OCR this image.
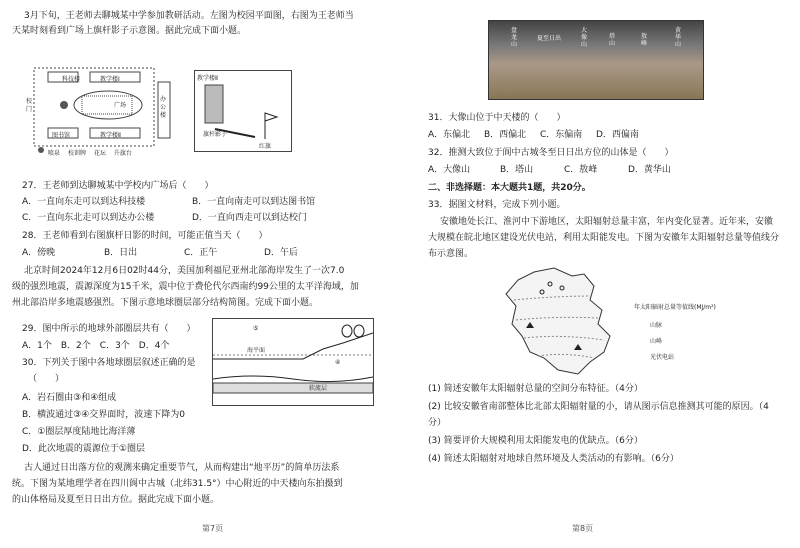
3月下旬，王老师去聊城某中学参加教研活动。左图为校园平面图，右图为王老师当
天某时刻看到广场上旗杆影子示意图。据此完成下面小题。
科技楼	教学楼Ⅰ
广场
图书馆	教学楼Ⅱ
办公楼
校门
喷泉 校训牌 花坛 升旗台
教学楼Ⅱ
旗杆影子
红旗
27．王老师到达聊城某中学校内广场后（　　）
A．一直向东走可以到达科技楼	B．一直向南走可以到达图书馆
C．一直向东北走可以到达办公楼	D．一直向西走可以到达校门
28．王老师看到右图旗杆日影的时间，可能正值当天（　　）
A．傍晚	B．日出	C．正午	D．午后
北京时间2024年12月6日02时44分，美国加利福尼亚州北部海岸发生了一次7.0
级的强烈地震，震源深度为15千米，震中位于费伦代尔西南约99公里的太平洋海域，加
州北部沿岸多地震感强烈。下图示意地球圈层部分结构简图。完成下面小题。
29．图中所示的地球外部圈层共有（　　）
A．1个　B．2个　C．3个　D．4个
30．下列关于图中各地球圈层叙述正确的是
（　　）
A．岩石圈由③和④组成
B．横波通过③④交界面时，波速下降为0
C．①圈层厚度陆地比海洋薄
D．此次地震的震源位于①圈层
⑤
海平面
④
软流层
古人通过日出落方位的观测来确定重要节气，从而构建出“地平历”的简单历法系
统。下图为某地理学者在四川阆中古城（北纬31.5°）中心附近的中天楼向东拍摄到
的山体格局及夏至日日出方位。据此完成下面小题。
第7页
盘龙山
夏至日出
大像山
塔山
敖峰
黄华山
31．大像山位于中天楼的（　　）
A．东偏北 B．西偏北 C．东偏南 D．西偏南
32．推测大致位于阆中古城冬至日日出方位的山体是（　　）
A．大像山	B．塔山	C．敖峰	D．黄华山
二、非选择题：本大题共1题，共20分。
33．据图文材料，完成下列小题。
安徽地处长江、淮河中下游地区，太阳辐射总量丰富，年内变化显著。近年来，安徽
大规模在皖北地区建设光伏电站，利用太阳能发电。下图为安徽年太阳辐射总量等值线分
布示意图。
年太阳辐射总量等值线(MJ/m²)
山脉
山峰
光伏电站
(1) 简述安徽年太阳辐射总量的空间分布特征。（4分）
(2) 比较安徽省南部整体比北部太阳辐射量的小，请从图示信息推测其可能的原因。（4
分）
(3) 简要评价大规模利用太阳能发电的优缺点。（6分）
(4) 简述太阳辐射对地球自然环境及人类活动的有影响。（6分）
第8页
